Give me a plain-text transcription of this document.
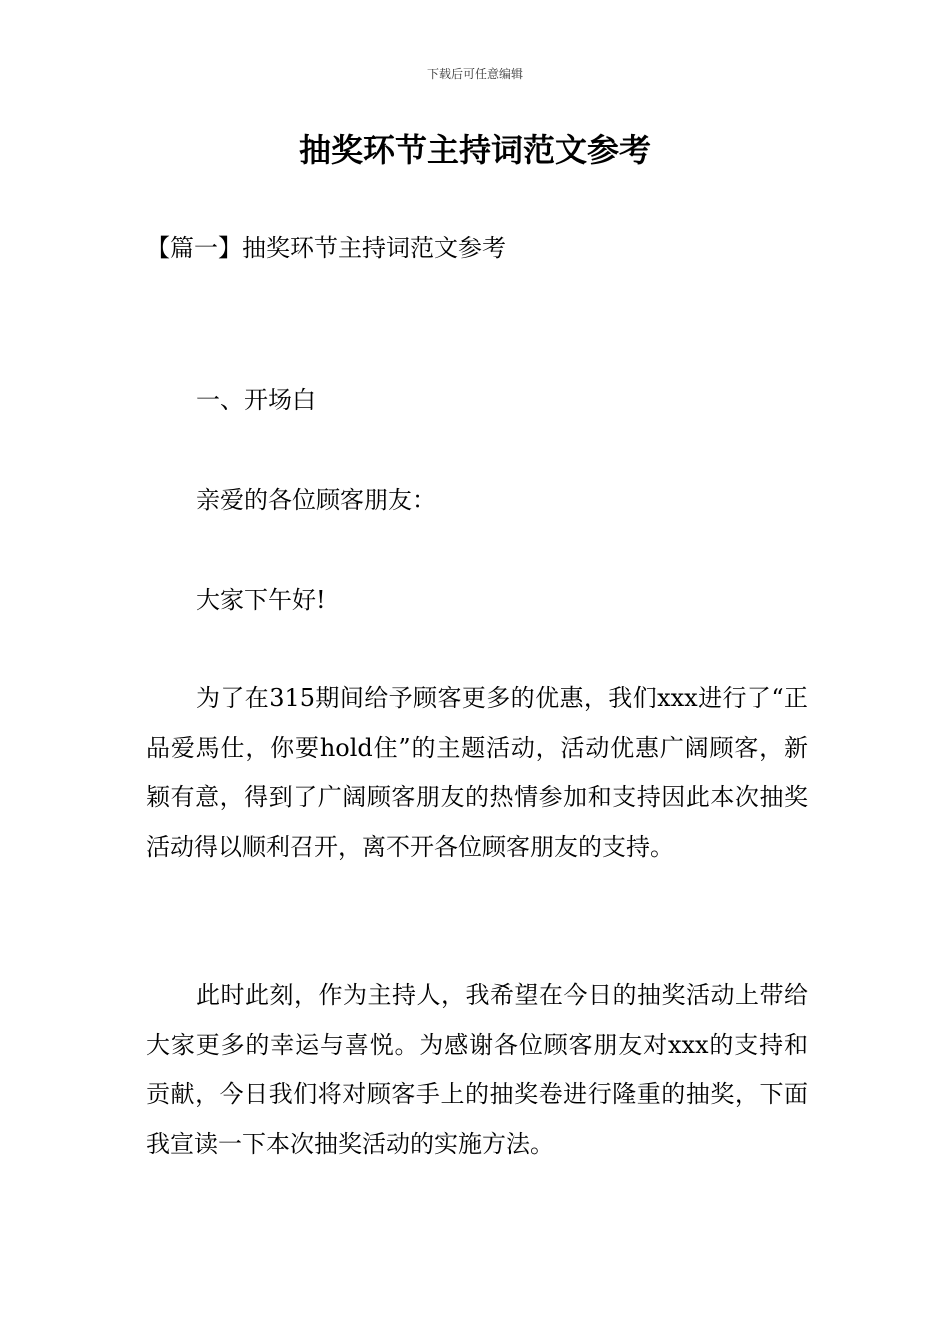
下载后可任意编辑
抽奖环节主持词范文参考
【篇一】抽奖环节主持词范文参考

一、开场白

亲爱的各位顾客朋友：

大家下午好!

为了在315期间给予顾客更多的优惠，我们xxx进行了“正品爱馬仕，你要hold住”的主题活动，活动优惠广阔顾客，新颖有意，得到了广阔顾客朋友的热情参加和支持因此本次抽奖活动得以顺利召开，离不开各位顾客朋友的支持。

此时此刻，作为主持人，我希望在今日的抽奖活动上带给大家更多的幸运与喜悦。为感谢各位顾客朋友对xxx的支持和贡献，今日我们将对顾客手上的抽奖卷进行隆重的抽奖，下面我宣读一下本次抽奖活动的实施方法。
